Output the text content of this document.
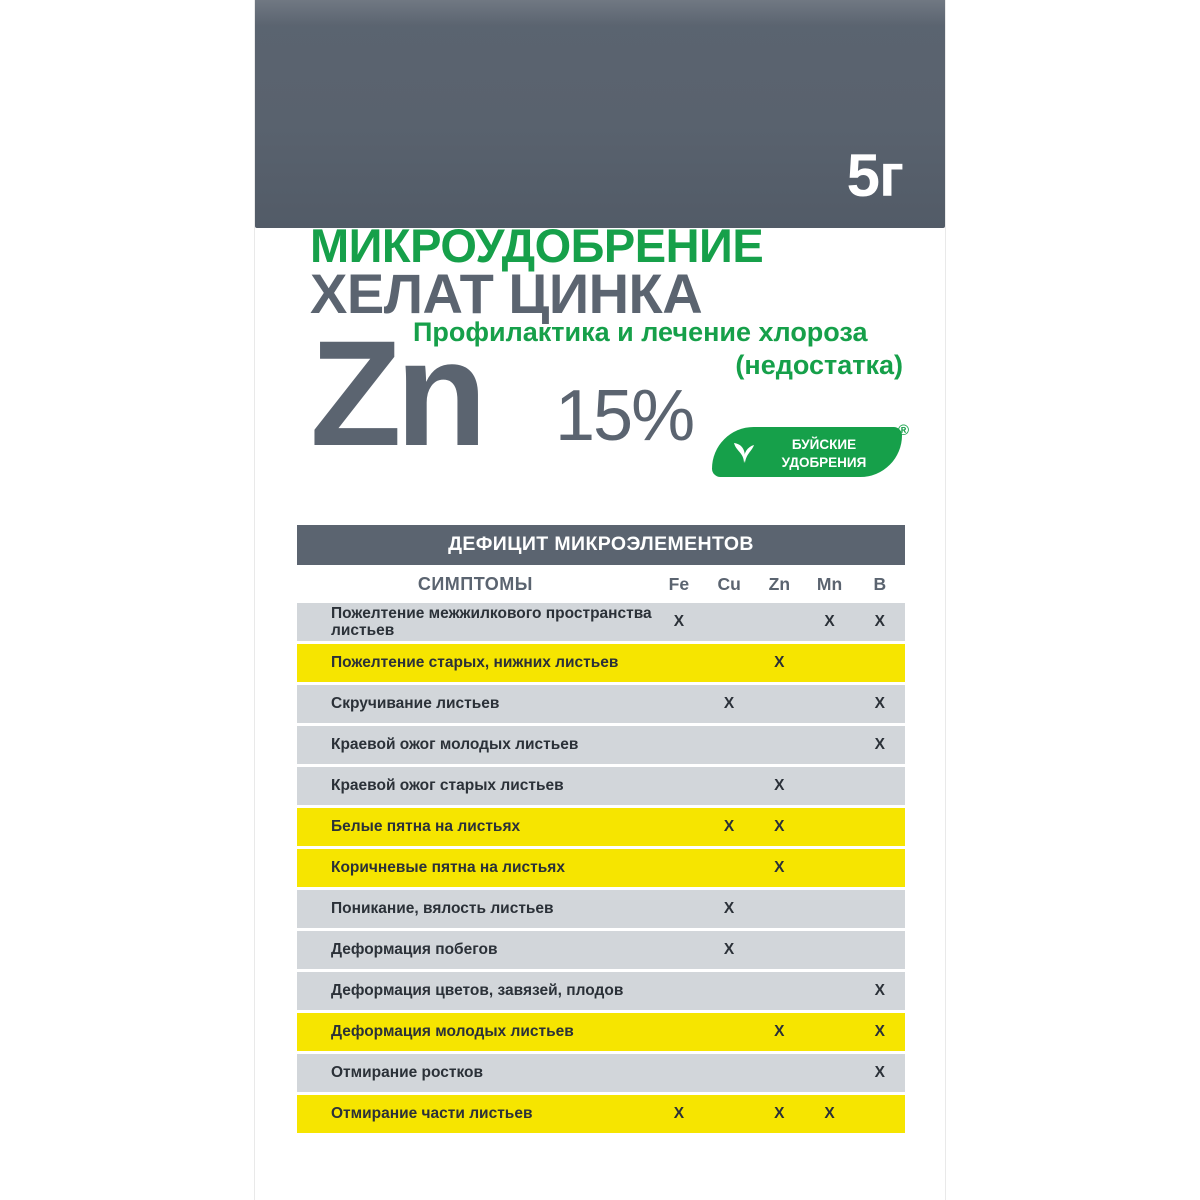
5г
МИКРОУДОБРЕНИЕ
ХЕЛАТ ЦИНКА
Zn 15%
Профилактика и лечение хлороза
(недостатка)
БУЙСКИЕ
УДОБРЕНИЯ
®
ДЕФИЦИТ МИКРОЭЛЕМЕНТОВ
СИМПТОМЫ	Fe	Cu	Zn	Mn	B
Пожелтение межжилкового пространства листьев	X			X	X
Пожелтение старых, нижних листьев			X		
Скручивание листьев		X			X
Краевой ожог молодых листьев					X
Краевой ожог старых листьев			X		
Белые пятна на листьях		X	X		
Коричневые пятна на листьях			X		
Поникание, вялость листьев		X			
Деформация побегов		X			
Деформация цветов, завязей, плодов					X
Деформация молодых листьев			X		X
Отмирание ростков					X
Отмирание части листьев	X		X	X	
